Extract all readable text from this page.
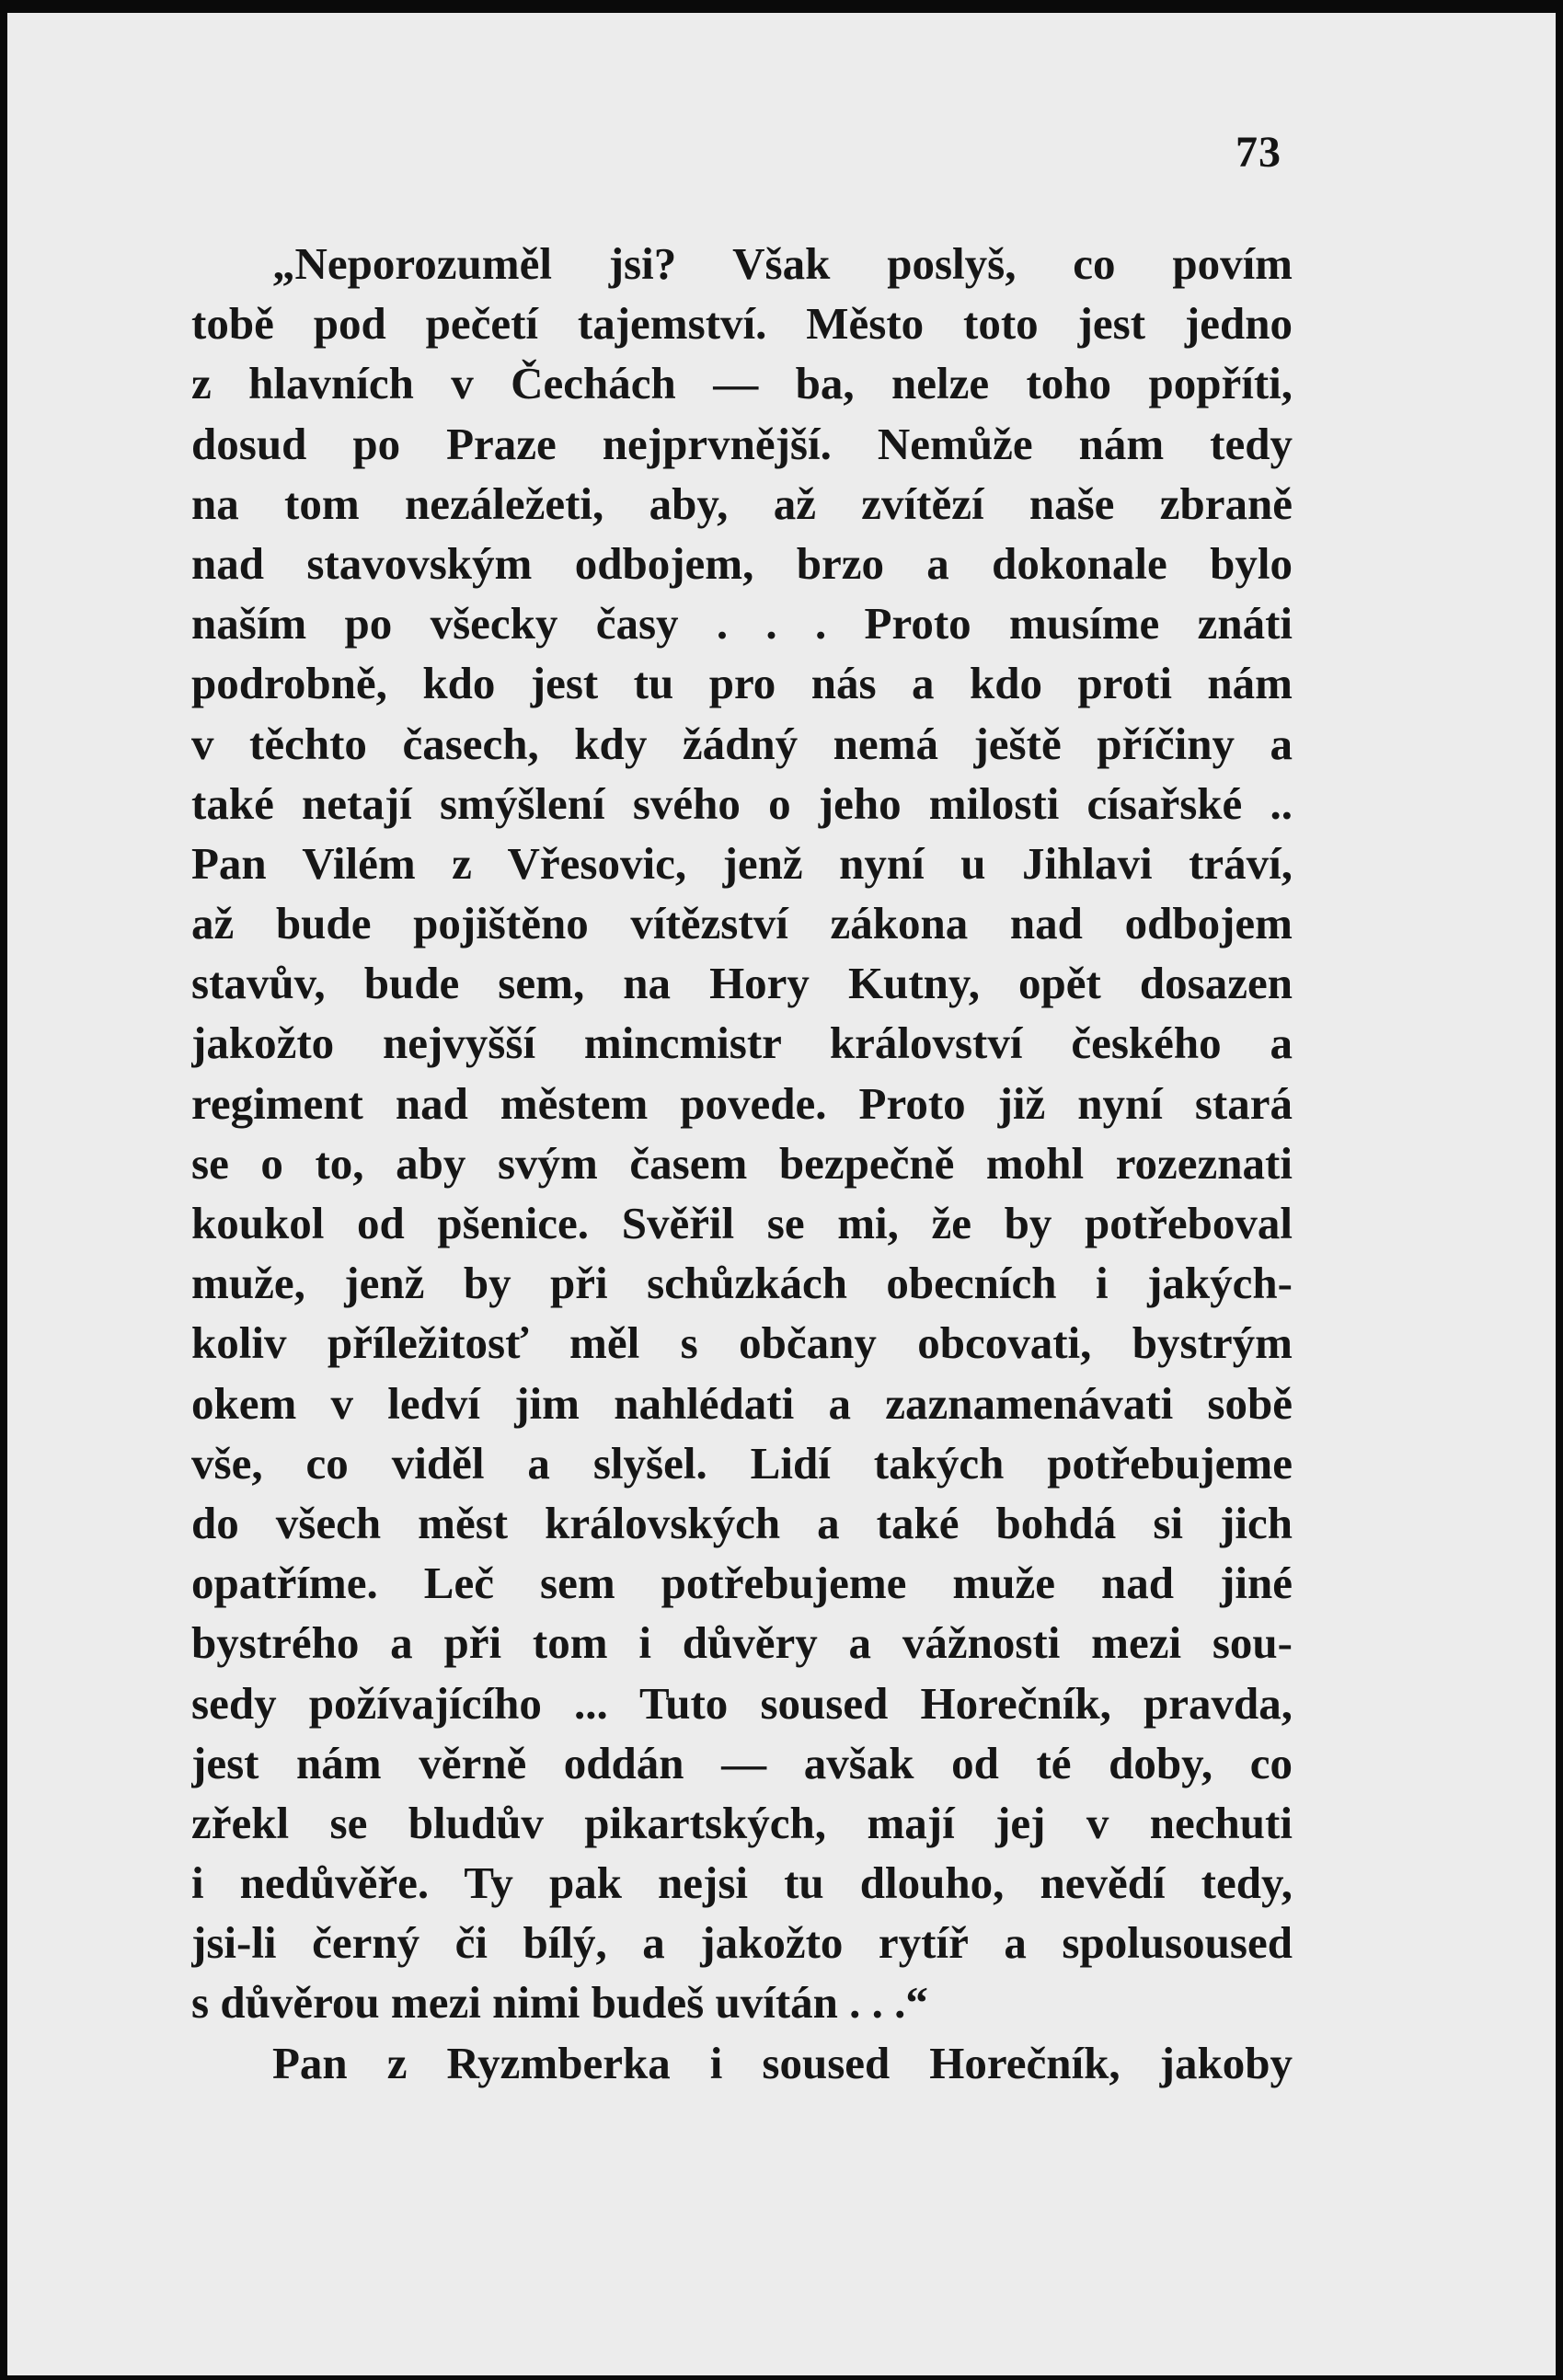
73
„Neporozuměl jsi? Však poslyš, co povím
tobě pod pečetí tajemství. Město toto jest jedno
z hlavních v Čechách — ba, nelze toho popříti,
dosud po Praze nejprvnější. Nemůže nám tedy
na tom nezáležeti, aby, až zvítězí naše zbraně
nad stavovským odbojem, brzo a dokonale bylo
naším po všecky časy . . . Proto musíme znáti
podrobně, kdo jest tu pro nás a kdo proti nám
v těchto časech, kdy žádný nemá ještě příčiny a
také netají smýšlení svého o jeho milosti císařské ..
Pan Vilém z Vřesovic, jenž nyní u Jihlavi tráví,
až bude pojištěno vítězství zákona nad odbojem
stavův, bude sem, na Hory Kutny, opět dosazen
jakožto nejvyšší mincmistr království českého a
regiment nad městem povede. Proto již nyní stará
se o to, aby svým časem bezpečně mohl rozeznati
koukol od pšenice. Svěřil se mi, že by potřeboval
muže, jenž by při schůzkách obecních i jakých-
koliv příležitosť měl s občany obcovati, bystrým
okem v ledví jim nahlédati a zaznamenávati sobě
vše, co viděl a slyšel. Lidí takých potřebujeme
do všech měst královských a také bohdá si jich
opatříme. Leč sem potřebujeme muže nad jiné
bystrého a při tom i důvěry a vážnosti mezi sou-
sedy požívajícího ... Tuto soused Horečník, pravda,
jest nám věrně oddán — avšak od té doby, co
zřekl se bludův pikartských, mají jej v nechuti
i nedůvěře. Ty pak nejsi tu dlouho, nevědí tedy,
jsi-li černý či bílý, a jakožto rytíř a spolusoused
s důvěrou mezi nimi budeš uvítán . . .“
Pan z Ryzmberka i soused Horečník, jakoby
